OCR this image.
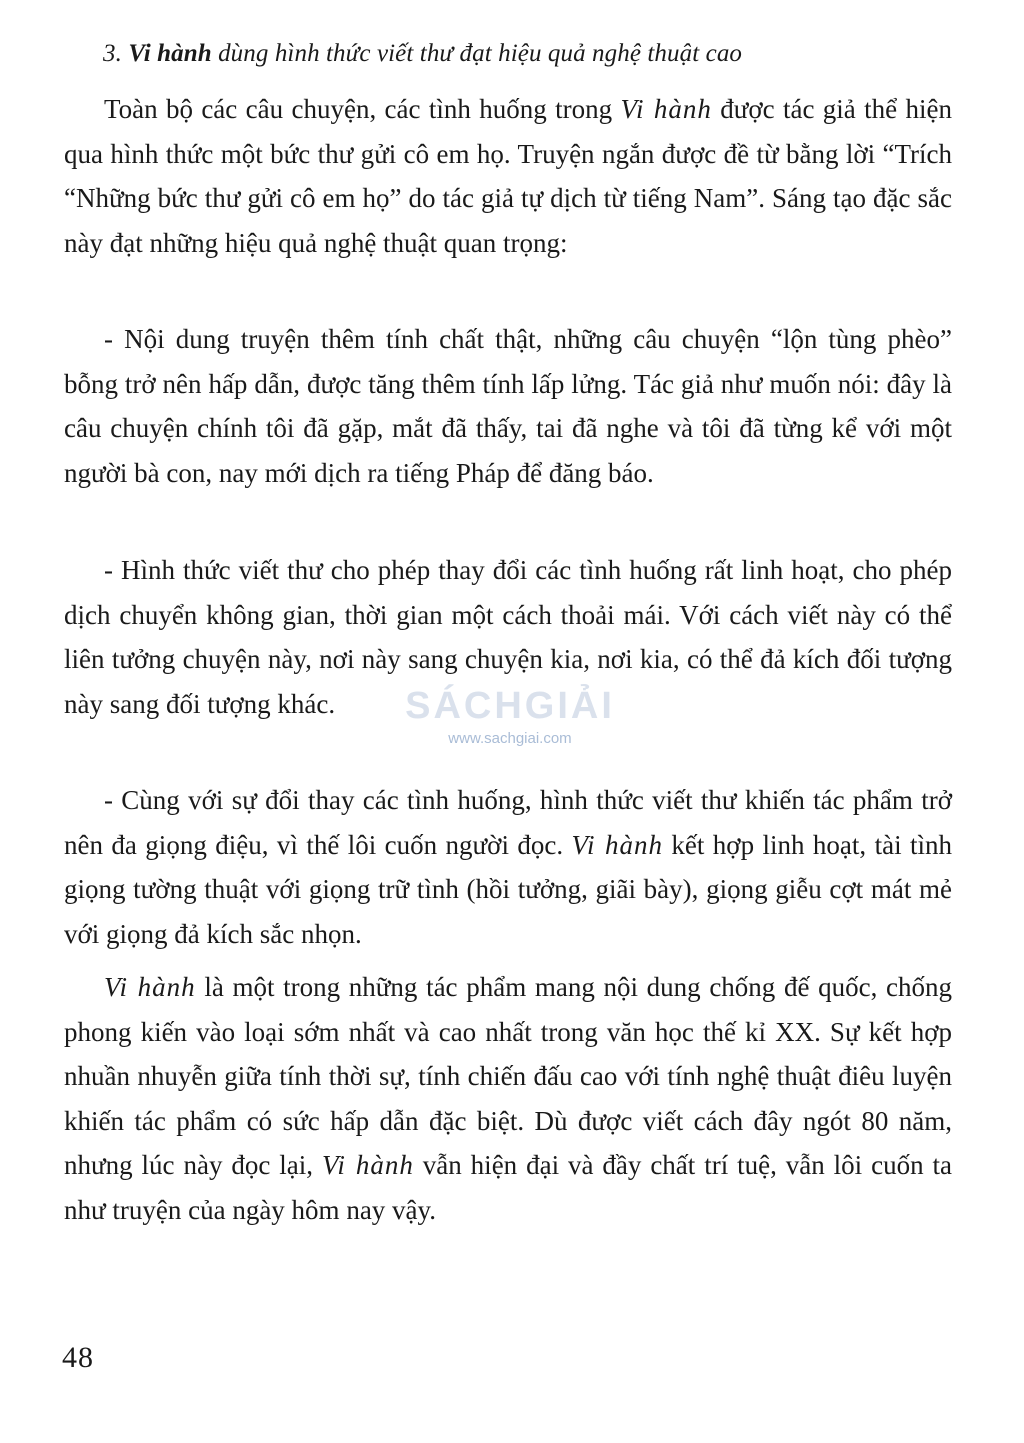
3. Vi hành dùng hình thức viết thư đạt hiệu quả nghệ thuật cao

Toàn bộ các câu chuyện, các tình huống trong Vi hành được tác giả thể hiện qua hình thức một bức thư gửi cô em họ. Truyện ngắn được đề từ bằng lời “Trích “Những bức thư gửi cô em họ” do tác giả tự dịch từ tiếng Nam”. Sáng tạo đặc sắc này đạt những hiệu quả nghệ thuật quan trọng:

- Nội dung truyện thêm tính chất thật, những câu chuyện “lộn tùng phèo” bỗng trở nên hấp dẫn, được tăng thêm tính lấp lửng. Tác giả như muốn nói: đây là câu chuyện chính tôi đã gặp, mắt đã thấy, tai đã nghe và tôi đã từng kể với một người bà con, nay mới dịch ra tiếng Pháp để đăng báo.

- Hình thức viết thư cho phép thay đổi các tình huống rất linh hoạt, cho phép dịch chuyển không gian, thời gian một cách thoải mái. Với cách viết này có thể liên tưởng chuyện này, nơi này sang chuyện kia, nơi kia, có thể đả kích đối tượng này sang đối tượng khác.

- Cùng với sự đổi thay các tình huống, hình thức viết thư khiến tác phẩm trở nên đa giọng điệu, vì thế lôi cuốn người đọc. Vi hành kết hợp linh hoạt, tài tình giọng tường thuật với giọng trữ tình (hồi tưởng, giãi bày), giọng giễu cợt mát mẻ với giọng đả kích sắc nhọn.

Vi hành là một trong những tác phẩm mang nội dung chống đế quốc, chống phong kiến vào loại sớm nhất và cao nhất trong văn học thế kỉ XX. Sự kết hợp nhuần nhuyễn giữa tính thời sự, tính chiến đấu cao với tính nghệ thuật điêu luyện khiến tác phẩm có sức hấp dẫn đặc biệt. Dù được viết cách đây ngót 80 năm, nhưng lúc này đọc lại, Vi hành vẫn hiện đại và đầy chất trí tuệ, vẫn lôi cuốn ta như truyện của ngày hôm nay vậy.

SÁCHGIẢI
www.sachgiai.com
48
